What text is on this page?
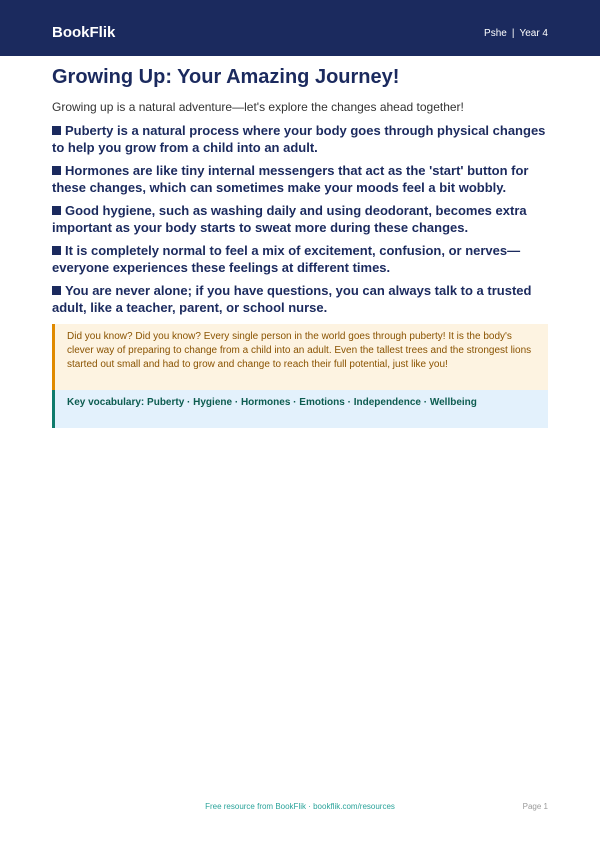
BookFlik	Pshe | Year 4
Growing Up: Your Amazing Journey!

Growing up is a natural adventure—let's explore the changes ahead together!

Puberty is a natural process where your body goes through physical changes to help you grow from a child into an adult.
Hormones are like tiny internal messengers that act as the 'start' button for these changes, which can sometimes make your moods feel a bit wobbly.
Good hygiene, such as washing daily and using deodorant, becomes extra important as your body starts to sweat more during these changes.
It is completely normal to feel a mix of excitement, confusion, or nerves—everyone experiences these feelings at different times.
You are never alone; if you have questions, you can always talk to a trusted adult, like a teacher, parent, or school nurse.

Did you know? Did you know? Every single person in the world goes through puberty! It is the body's clever way of preparing to change from a child into an adult. Even the tallest trees and the strongest lions started out small and had to grow and change to reach their full potential, just like you!

Key vocabulary: Puberty · Hygiene · Hormones · Emotions · Independence · Wellbeing

Free resource from BookFlik · bookflik.com/resources	Page 1
